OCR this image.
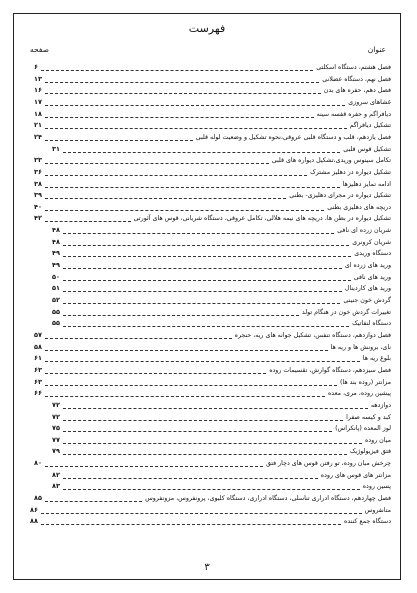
فهرست
عنوان
صفحه
۶	فصل هشتم، دستگاه اسکلتی
۱۳	فصل نهم، دستگاه عضلانی
۱۶	فصل دهم، حفره های بدن
۱۷	غشاهای سروزی
۱۸	دیافراگم و حفره قفسه سینه
۲۱	تشکیل دیافراگم
۲۴	فصل یازدهم، قلب و دستگاه قلبی عروقی،نحوه تشکیل و وضعیت لوله قلبی
۳۱	تشکیل قوس قلبی
۳۳	تکامل سینوس وریدی،تشکیل دیواره های قلبی
۳۶	تشکیل دیواره در دهلیز مشترک
۳۸	ادامه تمایز دهلیزها
۳۹	تشکیل دیواره در مجرای دهلیزی- بطنی
۴۰	دریچه های دهلیزی بطنی
۴۲	تشکیل دیواره در بطن ها، دریچه های نیمه هلالی، تکامل عروقی، دستگاه شریانی، قوس های آئورتی
۴۸	شریان زرده ای نافی
۴۸	شریان کرونری
۴۹	دستگاه وریدی
۴۹	ورید های زرده ای
۵۰	ورید های نافی
۵۱	ورید های کاردینال
۵۲	گردش خون جنینی
۵۵	تغییرات گردش خون در هنگام تولد
۵۵	دستگاه لنفاتیک
۵۷	فصل دوازدهم، دستگاه تنفس، تشکیل جوانه های ریه، حنجره
۵۸	نای، برونش ها و ریه ها
۶۱	بلوغ ریه ها
۶۳	فصل سیزدهم، دستگاه گوارش، تقسیمات روده
۶۳	مزانتر (روده بند ها)
۶۶	پیشین روده، مری، معده
۷۲	دوازدهه
۷۲	کبد و کیسه صفرا
۷۵	لوز المعده (پانکراس)
۷۷	میان روده
۷۹	فتق فیزیولوژیک
۸۰	چرخش میان روده، تو رفتن قوس های دچار فتق
۸۲	مزانتر های قوس های روده
۸۳	پسین روده
۸۵	فصل چهاردهم، دستگاه ادراری تناسلی، دستگاه ادراری، دستگاه کلیوی، پرونفروس، مزونفروس
۸۶	متانفروس
۸۸	دستگاه جمع کننده
۳
